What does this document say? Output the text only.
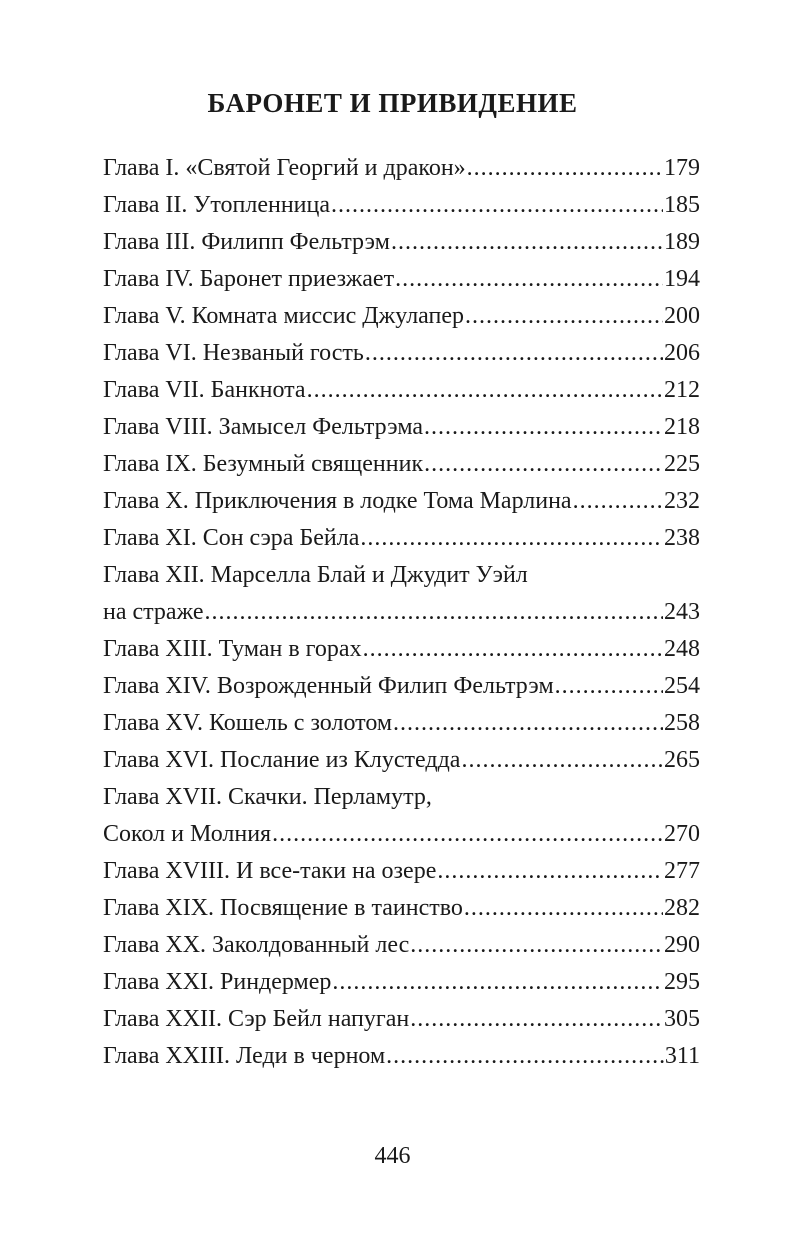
БАРОНЕТ И ПРИВИДЕНИЕ
Глава I. «Святой Георгий и дракон» .....	179
Глава II. Утопленница .....	185
Глава III. Филипп Фельтрэм .....	189
Глава IV. Баронет приезжает .....	194
Глава V. Комната миссис Джулапер .....	200
Глава VI. Незваный гость .....	206
Глава VII. Банкнота .....	212
Глава VIII. Замысел Фельтрэма .....	218
Глава IX. Безумный священник .....	225
Глава X. Приключения в лодке Тома Марлина .....	232
Глава XI. Сон сэра Бейла .....	238
Глава XII. Марселла Блай и Джудит Уэйл
на страже .....	243
Глава XIII. Туман в горах .....	248
Глава XIV. Возрожденный Филип Фельтрэм .....	254
Глава XV. Кошель с золотом .....	258
Глава XVI. Послание из Клустедда .....	265
Глава XVII. Скачки. Перламутр,
Сокол и Молния .....	270
Глава XVIII. И все-таки на озере .....	277
Глава XIX. Посвящение в таинство .....	282
Глава XX. Заколдованный лес .....	290
Глава XXI. Риндермер .....	295
Глава XXII. Сэр Бейл напуган .....	305
Глава XXIII. Леди в черном .....	311
446
